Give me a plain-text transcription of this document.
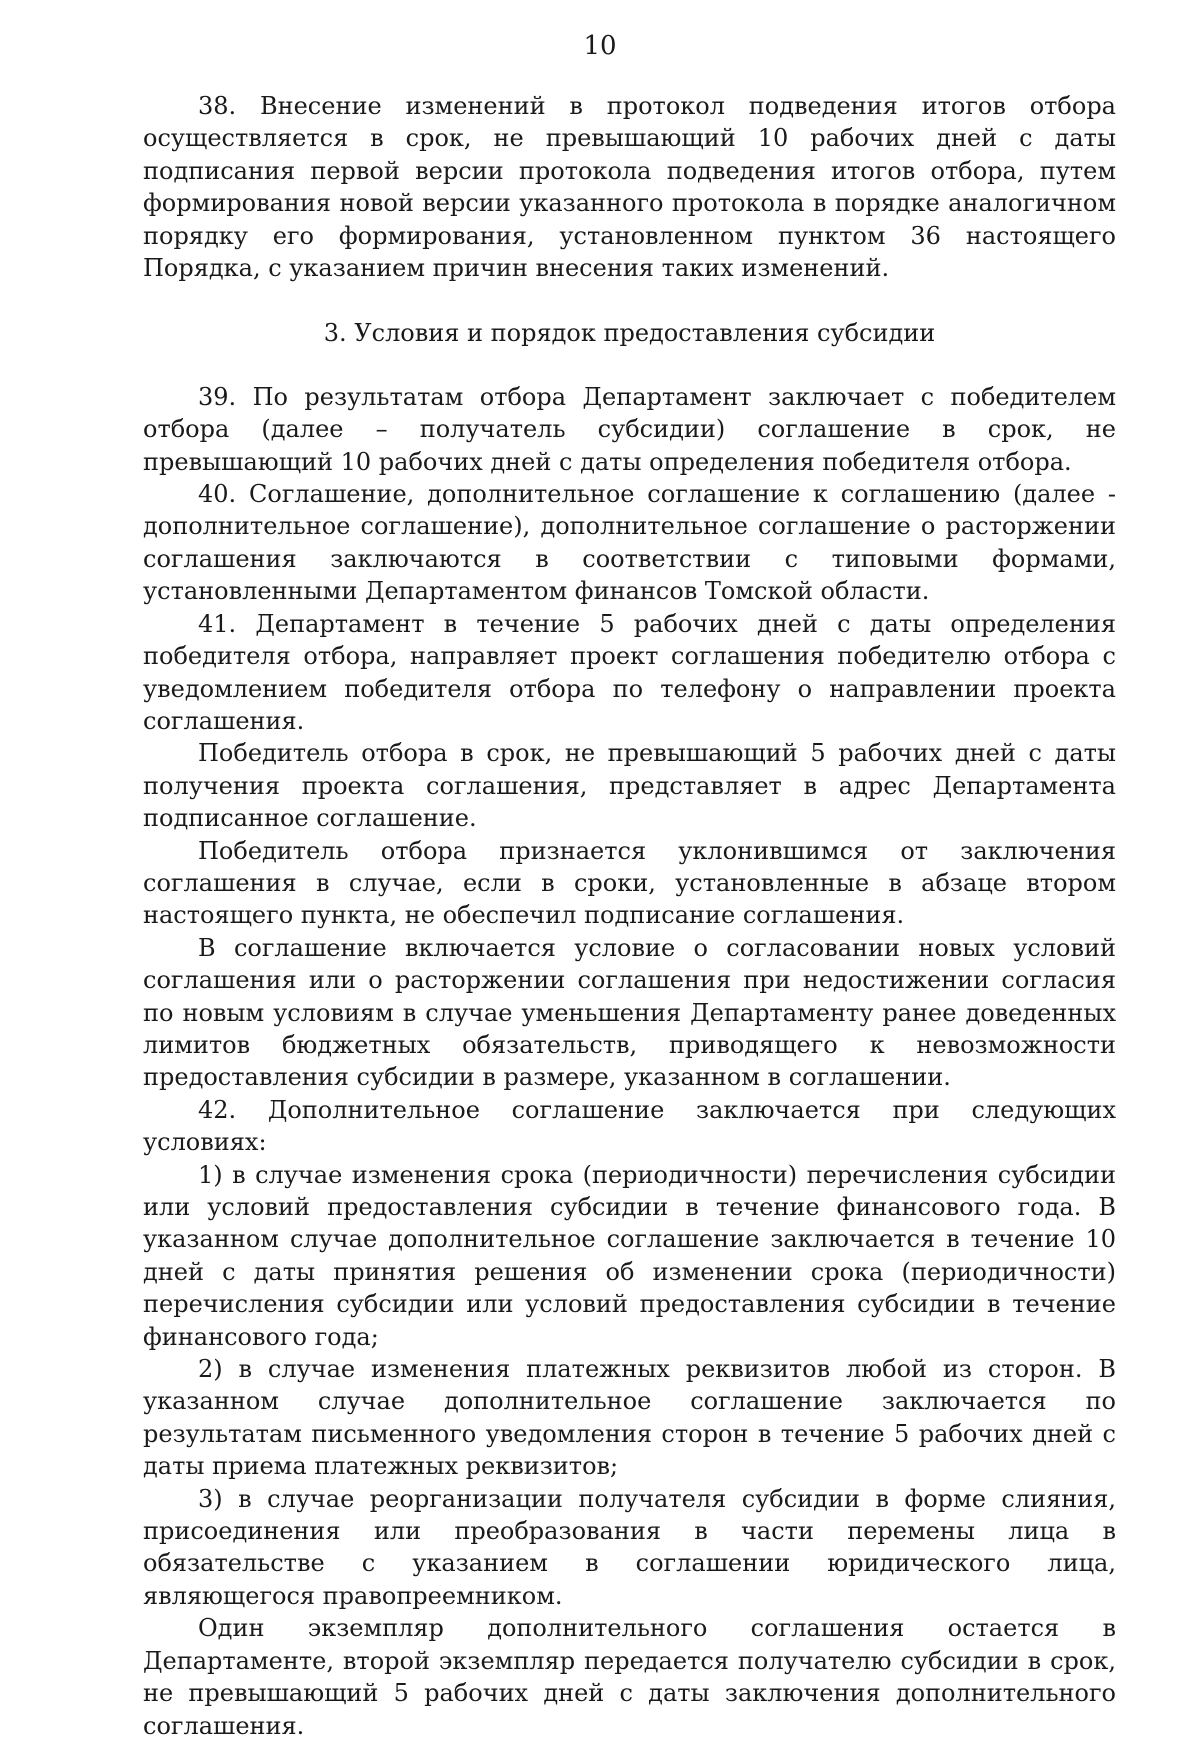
10

38. Внесение изменений в протокол подведения итогов отбора осуществляется в срок, не превышающий 10 рабочих дней с даты подписания первой версии протокола подведения итогов отбора, путем формирования новой версии указанного протокола в порядке аналогичном порядку его формирования, установленном пунктом 36 настоящего Порядка, с указанием причин внесения таких изменений.

3. Условия и порядок предоставления субсидии

39. По результатам отбора Департамент заключает с победителем отбора (далее – получатель субсидии) соглашение в срок, не превышающий 10 рабочих дней с даты определения победителя отбора.

40. Соглашение, дополнительное соглашение к соглашению (далее - дополнительное соглашение), дополнительное соглашение о расторжении соглашения заключаются в соответствии с типовыми формами, установленными Департаментом финансов Томской области.

41. Департамент в течение 5 рабочих дней с даты определения победителя отбора, направляет проект соглашения победителю отбора с уведомлением победителя отбора по телефону о направлении проекта соглашения.

Победитель отбора в срок, не превышающий 5 рабочих дней с даты получения проекта соглашения, представляет в адрес Департамента подписанное соглашение.

Победитель отбора признается уклонившимся от заключения соглашения в случае, если в сроки, установленные в абзаце втором настоящего пункта, не обеспечил подписание соглашения.

В соглашение включается условие о согласовании новых условий соглашения или о расторжении соглашения при недостижении согласия по новым условиям в случае уменьшения Департаменту ранее доведенных лимитов бюджетных обязательств, приводящего к невозможности предоставления субсидии в размере, указанном в соглашении.

42. Дополнительное соглашение заключается при следующих условиях:

1) в случае изменения срока (периодичности) перечисления субсидии или условий предоставления субсидии в течение финансового года. В указанном случае дополнительное соглашение заключается в течение 10 дней с даты принятия решения об изменении срока (периодичности) перечисления субсидии или условий предоставления субсидии в течение финансового года;

2) в случае изменения платежных реквизитов любой из сторон. В указанном случае дополнительное соглашение заключается по результатам письменного уведомления сторон в течение 5 рабочих дней с даты приема платежных реквизитов;

3) в случае реорганизации получателя субсидии в форме слияния, присоединения или преобразования в части перемены лица в обязательстве с указанием в соглашении юридического лица, являющегося правопреемником.

Один экземпляр дополнительного соглашения остается в Департаменте, второй экземпляр передается получателю субсидии в срок, не превышающий 5 рабочих дней с даты заключения дополнительного соглашения.
